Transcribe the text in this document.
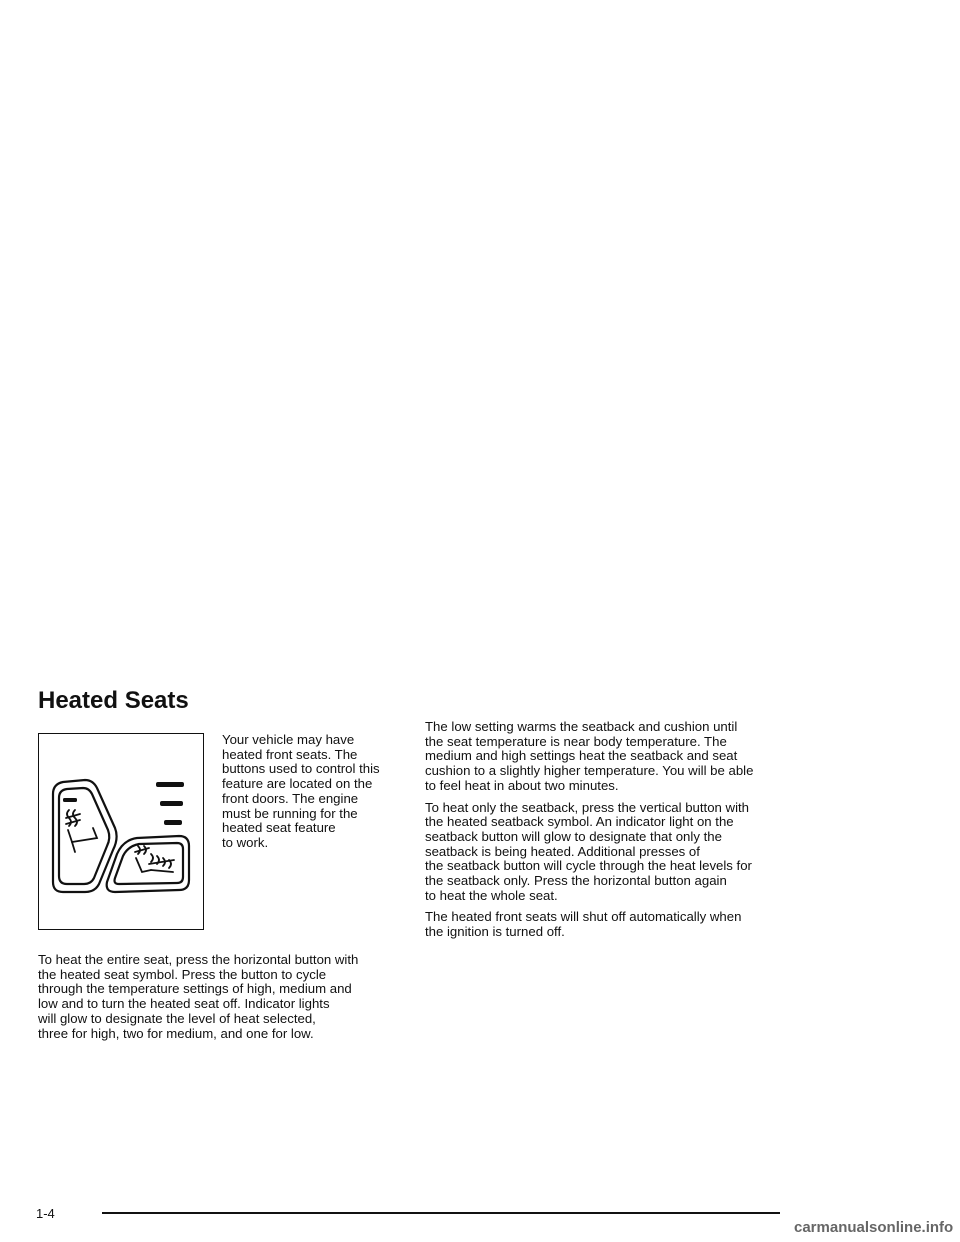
Heated Seats
Your vehicle may have
heated front seats. The
buttons used to control this
feature are located on the
front doors. The engine
must be running for the
heated seat feature
to work.
To heat the entire seat, press the horizontal button with
the heated seat symbol. Press the button to cycle
through the temperature settings of high, medium and
low and to turn the heated seat off. Indicator lights
will glow to designate the level of heat selected,
three for high, two for medium, and one for low.

The low setting warms the seatback and cushion until
the seat temperature is near body temperature. The
medium and high settings heat the seatback and seat
cushion to a slightly higher temperature. You will be able
to feel heat in about two minutes.

To heat only the seatback, press the vertical button with
the heated seatback symbol. An indicator light on the
seatback button will glow to designate that only the
seatback is being heated. Additional presses of
the seatback button will cycle through the heat levels for
the seatback only. Press the horizontal button again
to heat the whole seat.

The heated front seats will shut off automatically when
the ignition is turned off.

1-4
carmanualsonline.info
